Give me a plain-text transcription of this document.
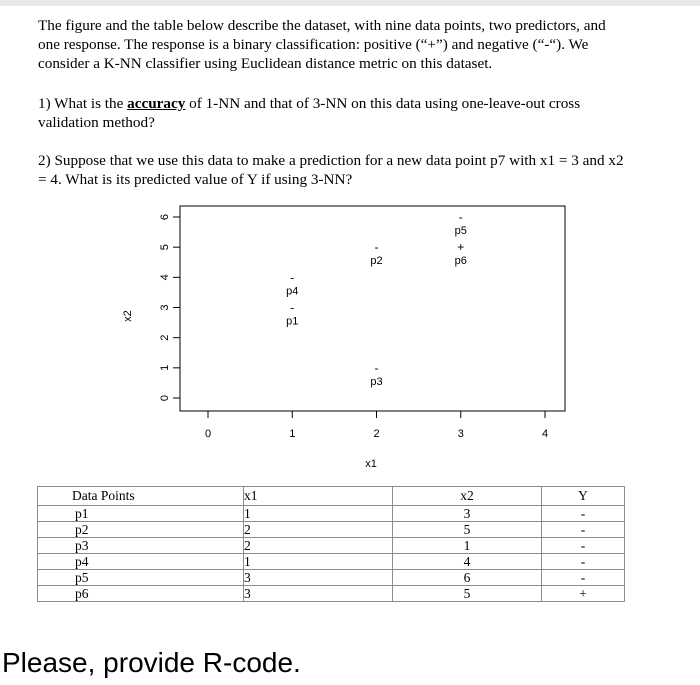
The figure and the table below describe the dataset, with nine data points, two predictors, and
one response. The response is a binary classification: positive (“+”) and negative (“-“). We
consider a K-NN classifier using Euclidean distance metric on this dataset.
1) What is the accuracy of 1-NN and that of 3-NN on this data using one-leave-out cross
validation method?
2) Suppose that we use this data to make a prediction for a new data point p7 with x1 = 3 and x2
= 4. What is its predicted value of Y if using 3-NN?
x1
x2
0	1	2	3	4
0
1
2
3
4
5
6
-
p1
-
p2
-
p3
-
p4
-
p5
+
p6
Data Points	x1	x2	Y
p1	1	3	-
p2	2	5	-
p3	2	1	-
p4	1	4	-
p5	3	6	-
p6	3	5	+
Please, provide R-code.
